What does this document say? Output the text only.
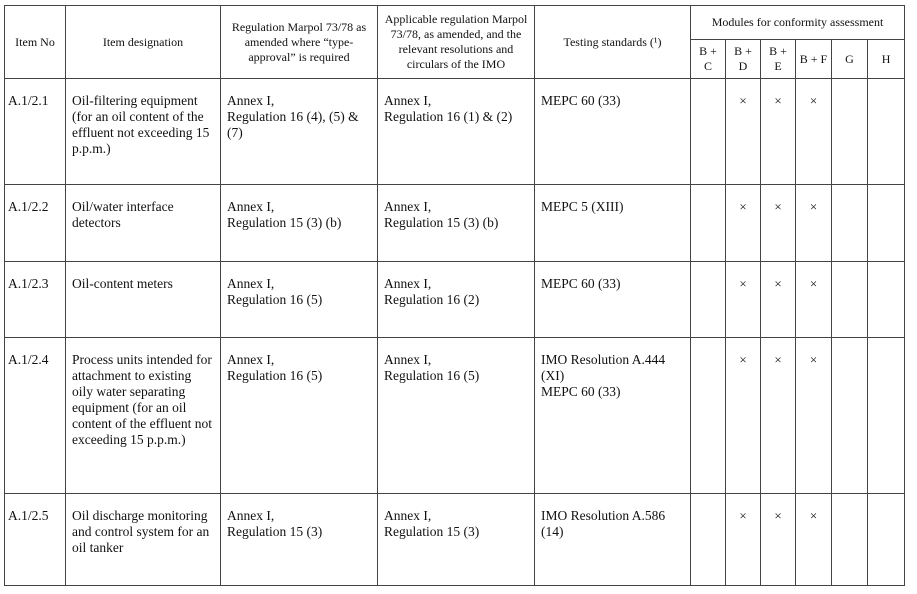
Item No	Item designation	Regulation Marpol 73/78 as amended where “type-approval” is required	Applicable regulation Marpol 73/78, as amended, and the relevant resolutions and circulars of the IMO	Testing standards (¹)	Modules for conformity assessment					
					B + C	B + D	B + E	B + F	G	H
A.1/2.1	Oil-filtering equipment (for an oil content of the effluent not exceeding 15 p.p.m.)	Annex I,
Regulation 16 (4), (5) & (7)	Annex I,
Regulation 16 (1) & (2)	MEPC 60 (33)		×	×	×		
A.1/2.2	Oil/water interface detectors	Annex I,
Regulation 15 (3) (b)	Annex I,
Regulation 15 (3) (b)	MEPC 5 (XIII)		×	×	×		
A.1/2.3	Oil-content meters	Annex I,
Regulation 16 (5)	Annex I,
Regulation 16 (2)	MEPC 60 (33)		×	×	×		
A.1/2.4	Process units intended for attachment to existing oily water separating equipment (for an oil content of the effluent not exceeding 15 p.p.m.)	Annex I,
Regulation 16 (5)	Annex I,
Regulation 16 (5)	IMO Resolution A.444 (XI)
MEPC 60 (33)		×	×	×		
A.1/2.5	Oil discharge monitoring and control system for an oil tanker	Annex I,
Regulation 15 (3)	Annex I,
Regulation 15 (3)	IMO Resolution A.586 (14)		×	×	×		
